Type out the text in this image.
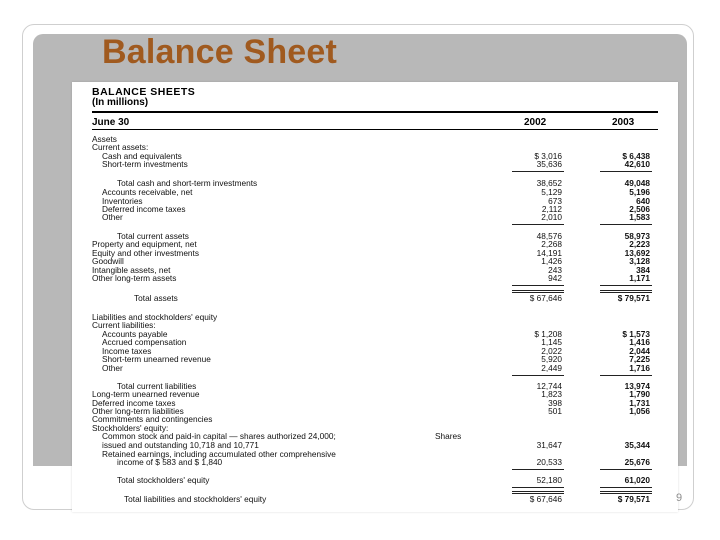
Balance Sheet
BALANCE SHEETS
(In millions)
June 30	2002	2003
Assets
Current assets:
Cash and equivalents	$ 3,016	$ 6,438
Short-term investments	35,636	42,610
Total cash and short-term investments	38,652	49,048
Accounts receivable, net	5,129	5,196
Inventories	673	640
Deferred income taxes	2,112	2,506
Other	2,010	1,583
Total current assets	48,576	58,973
Property and equipment, net	2,268	2,223
Equity and other investments	14,191	13,692
Goodwill	1,426	3,128
Intangible assets, net	243	384
Other long-term assets	942	1,171
Total assets	$ 67,646	$ 79,571
Liabilities and stockholders' equity
Current liabilities:
Accounts payable	$ 1,208	$ 1,573
Accrued compensation	1,145	1,416
Income taxes	2,022	2,044
Short-term unearned revenue	5,920	7,225
Other	2,449	1,716
Total current liabilities	12,744	13,974
Long-term unearned revenue	1,823	1,790
Deferred income taxes	398	1,731
Other long-term liabilities	501	1,056
Commitments and contingencies
Stockholders' equity:
Common stock and paid-in capital — shares authorized 24,000;	Shares
issued and outstanding 10,718 and 10,771	31,647	35,344
Retained earnings, including accumulated other comprehensive
income of $ 583 and $ 1,840	20,533	25,676
Total stockholders' equity	52,180	61,020
Total liabilities and stockholders' equity	$ 67,646	$ 79,571 9
